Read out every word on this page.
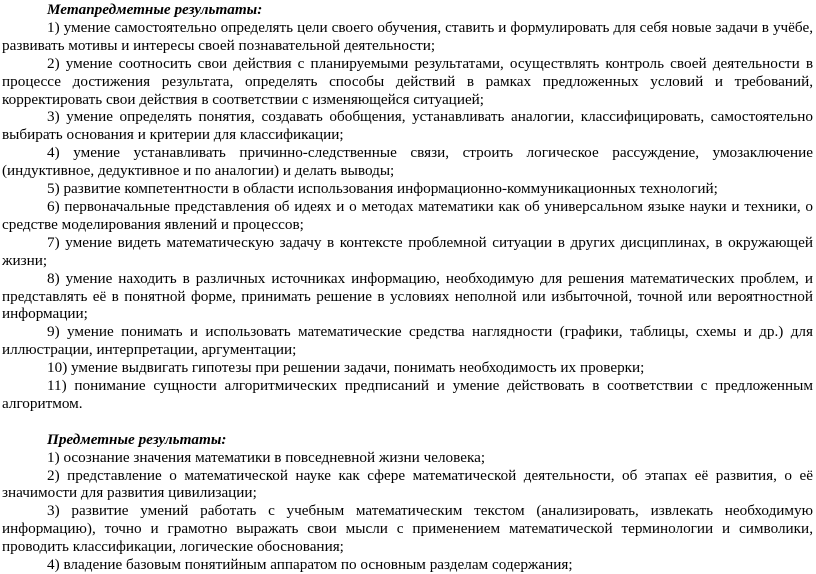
Метапредметные результаты:

1) умение самостоятельно определять цели своего обучения, ставить и формулировать для себя новые задачи в учёбе, развивать мотивы и интересы своей познавательной деятельности;

2) умение соотносить свои действия с планируемыми результатами, осуществлять контроль своей деятельности в процессе достижения результата, определять способы действий в рамках предложенных условий и требований, корректировать свои действия в соответствии с изменяющейся ситуацией;

3) умение определять понятия, создавать обобщения, устанавливать аналогии, классифицировать, самостоятельно выбирать основания и критерии для классификации;

4) умение устанавливать причинно-следственные связи, строить логическое рассуждение, умозаключение (индуктивное, дедуктивное и по аналогии) и делать выводы;

5) развитие компетентности в области использования информационно-коммуникационных технологий;

6) первоначальные представления об идеях и о методах математики как об универсальном языке науки и техники, о средстве моделирования явлений и процессов;

7) умение видеть математическую задачу в контексте проблемной ситуации в других дисциплинах, в окружающей жизни;

8) умение находить в различных источниках информацию, необходимую для решения математических проблем, и представлять её в понятной форме, принимать решение в условиях неполной или избыточной, точной или вероятностной информации;

9) умение понимать и использовать математические средства наглядности (графики, таблицы, схемы и др.) для иллюстрации, интерпретации, аргументации;

10) умение выдвигать гипотезы при решении задачи, понимать необходимость их проверки;

11) понимание сущности алгоритмических предписаний и умение действовать в соответствии с предложенным алгоритмом.

Предметные результаты:

1) осознание значения математики в повседневной жизни человека;

2) представление о математической науке как сфере математической деятельности, об этапах её развития, о её значимости для развития цивилизации;

3) развитие умений работать с учебным математическим текстом (анализировать, извлекать необходимую информацию), точно и грамотно выражать свои мысли с применением математической терминологии и символики, проводить классификации, логические обоснования;

4) владение базовым понятийным аппаратом по основным разделам содержания;
